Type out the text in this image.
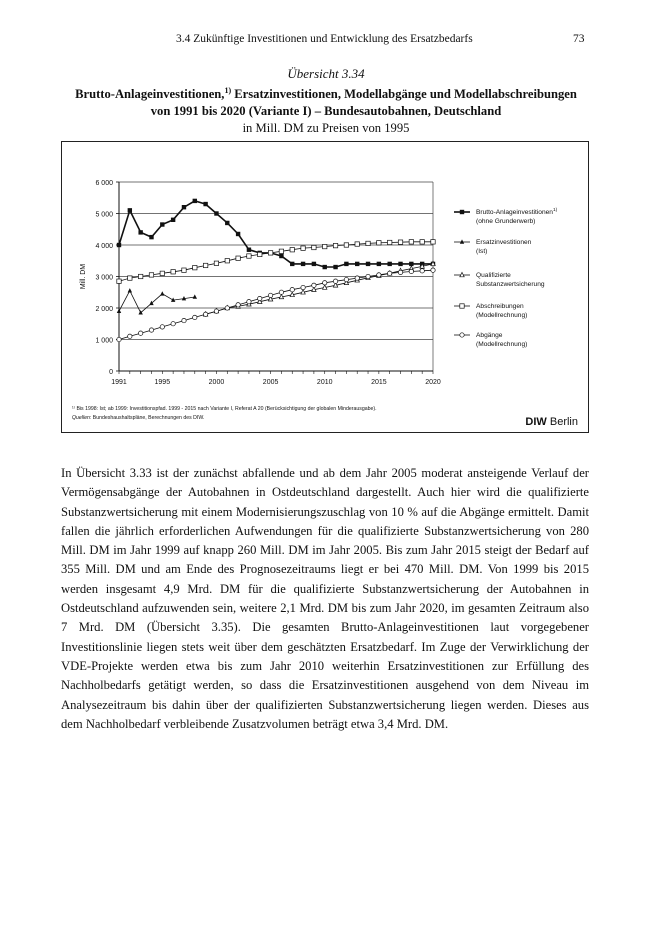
3.4 Zukünftige Investitionen und Entwicklung des Ersatzbedarfs	73
Übersicht 3.34
Brutto-Anlageinvestitionen,$^{1)}$ Ersatzinvestitionen, Modellabgänge und Modellabschreibungen
von 1991 bis 2020 (Variante I) – Bundesautobahnen, Deutschland
in Mill. DM zu Preisen von 1995
0
1 000
2 000
3 000
4 000
5 000
6 000
1991	1995	2000	2005	2010	2015	2020
Mill. DM
Brutto-Anlageinvestitionen$^{1)}$
(ohne Grunderwerb)
Ersatzinvestitionen
(Ist)
Qualifizierte
Substanzwertsicherung
Abschreibungen
(Modellrechnung)
Abgänge
(Modellrechnung)
¹⁾ Bis 1998: Ist; ab 1999: Investitionspfad. 1999 - 2015 nach Variante I, Referat A 20 (Berücksichtigung der globalen Minderausgabe).
Quellen: Bundeshaushaltspläne, Berechnungen des DIW.	DIW Berlin

In Übersicht 3.33 ist der zunächst abfallende und ab dem Jahr 2005 moderat ansteigende Verlauf der Vermögensabgänge der Autobahnen in Ostdeutschland dargestellt. Auch hier wird die qualifizierte Substanzwertsicherung mit einem Modernisierungszuschlag von 10 % auf die Abgänge ermittelt. Damit fallen die jährlich erforderlichen Aufwendungen für die qualifizierte Substanzwertsicherung von 280 Mill. DM im Jahr 1999 auf knapp 260 Mill. DM im Jahr 2005. Bis zum Jahr 2015 steigt der Bedarf auf 355 Mill. DM und am Ende des Prognosezeitraums liegt er bei 470 Mill. DM. Von 1999 bis 2015 werden insgesamt 4,9 Mrd. DM für die qualifizierte Substanzwertsicherung der Autobahnen in Ostdeutschland aufzuwenden sein, weitere 2,1 Mrd. DM bis zum Jahr 2020, im gesamten Zeitraum also 7 Mrd. DM (Übersicht 3.35). Die gesamten Brutto-Anlageinvestitionen laut vorgegebener Investitionslinie liegen stets weit über dem geschätzten Ersatzbedarf. Im Zuge der Verwirklichung der VDE-Projekte werden etwa bis zum Jahr 2010 weiterhin Ersatzinvestitionen zur Erfüllung des Nachholbedarfs getätigt werden, so dass die Ersatzinvestitionen ausgehend von dem Niveau im Analysezeitraum bis dahin über der qualifizierten Substanzwertsicherung liegen werden. Dieses aus dem Nachholbedarf verbleibende Zusatzvolumen beträgt etwa 3,4 Mrd. DM.
